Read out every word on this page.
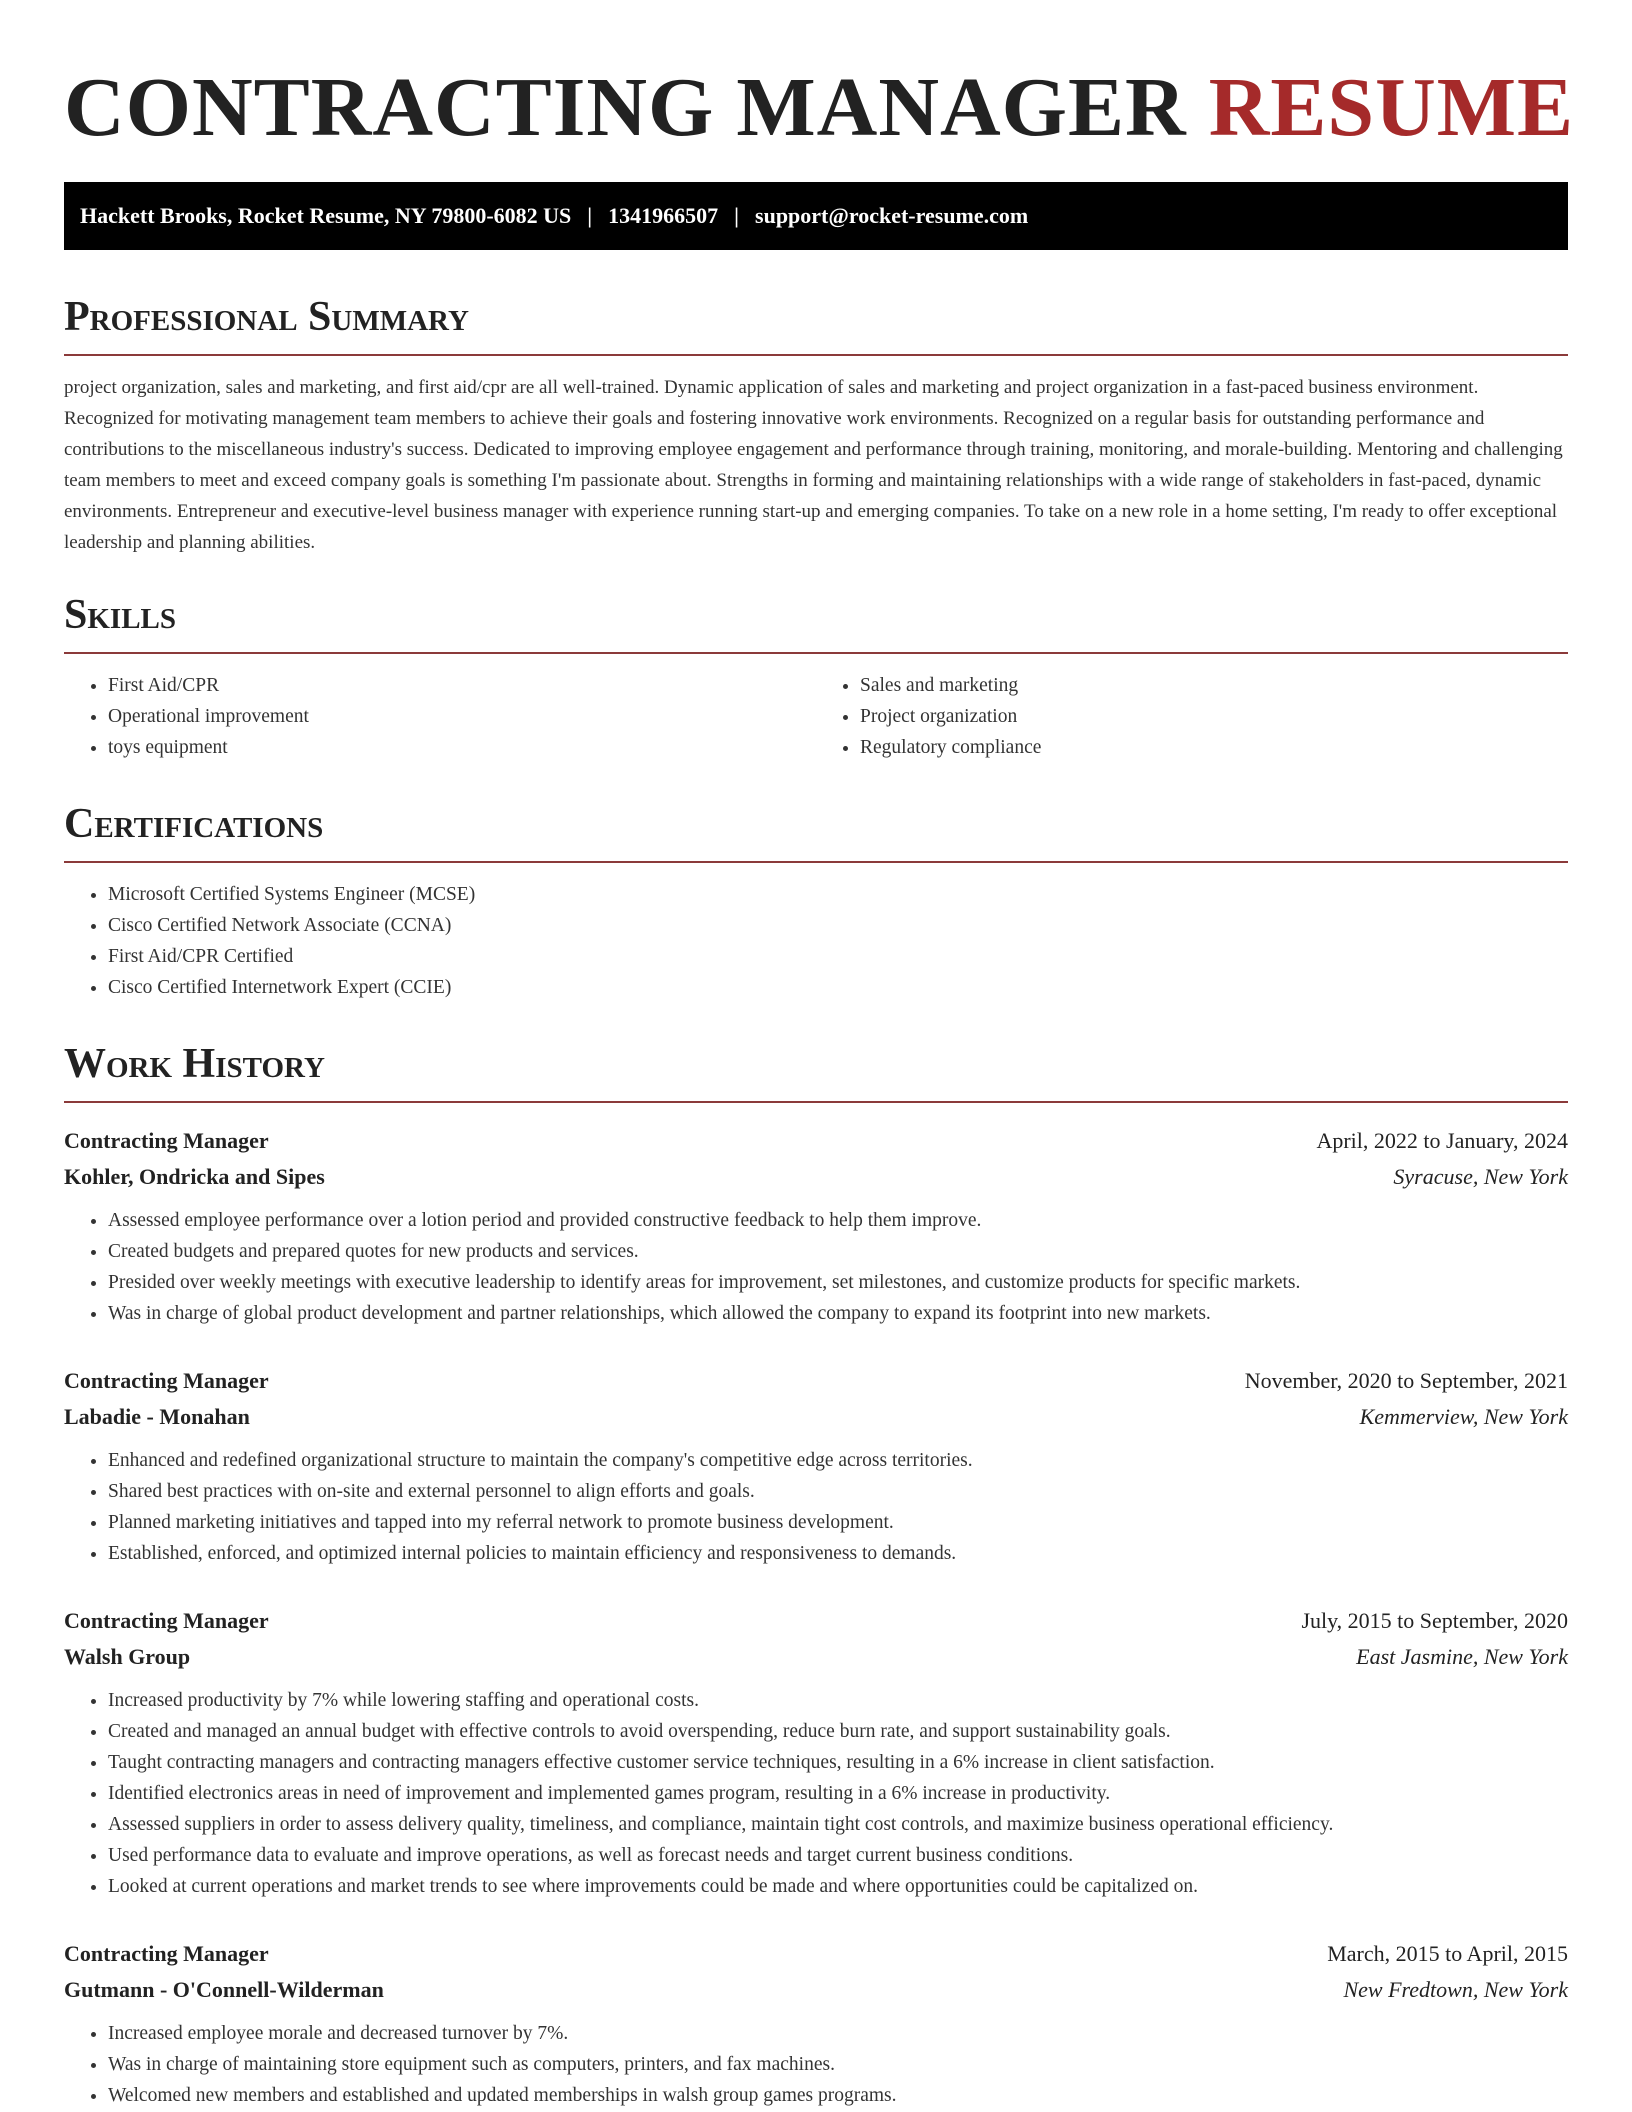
CONTRACTING MANAGER RESUME
Hackett Brooks, Rocket Resume, NY 79800-6082 US | 1341966507 | support@rocket-resume.com
Professional Summary

project organization, sales and marketing, and first aid/cpr are all well-trained. Dynamic application of sales and marketing and project organization in a fast-paced business environment. Recognized for motivating management team members to achieve their goals and fostering innovative work environments. Recognized on a regular basis for outstanding performance and contributions to the miscellaneous industry's success. Dedicated to improving employee engagement and performance through training, monitoring, and morale-building. Mentoring and challenging team members to meet and exceed company goals is something I'm passionate about. Strengths in forming and maintaining relationships with a wide range of stakeholders in fast-paced, dynamic environments. Entrepreneur and executive-level business manager with experience running start-up and emerging companies. To take on a new role in a home setting, I'm ready to offer exceptional leadership and planning abilities.

Skills
• First Aid/CPR
• Operational improvement
• toys equipment
• Sales and marketing
• Project organization
• Regulatory compliance
Certifications
• Microsoft Certified Systems Engineer (MCSE)
• Cisco Certified Network Associate (CCNA)
• First Aid/CPR Certified
• Cisco Certified Internetwork Expert (CCIE)
Work History
Contracting Manager	April, 2022 to January, 2024
Kohler, Ondricka and Sipes	Syracuse, New York
• Assessed employee performance over a lotion period and provided constructive feedback to help them improve.
• Created budgets and prepared quotes for new products and services.
• Presided over weekly meetings with executive leadership to identify areas for improvement, set milestones, and customize products for specific markets.
• Was in charge of global product development and partner relationships, which allowed the company to expand its footprint into new markets.
Contracting Manager	November, 2020 to September, 2021
Labadie - Monahan	Kemmerview, New York
• Enhanced and redefined organizational structure to maintain the company's competitive edge across territories.
• Shared best practices with on-site and external personnel to align efforts and goals.
• Planned marketing initiatives and tapped into my referral network to promote business development.
• Established, enforced, and optimized internal policies to maintain efficiency and responsiveness to demands.
Contracting Manager	July, 2015 to September, 2020
Walsh Group	East Jasmine, New York
• Increased productivity by 7% while lowering staffing and operational costs.
• Created and managed an annual budget with effective controls to avoid overspending, reduce burn rate, and support sustainability goals.
• Taught contracting managers and contracting managers effective customer service techniques, resulting in a 6% increase in client satisfaction.
• Identified electronics areas in need of improvement and implemented games program, resulting in a 6% increase in productivity.
• Assessed suppliers in order to assess delivery quality, timeliness, and compliance, maintain tight cost controls, and maximize business operational efficiency.
• Used performance data to evaluate and improve operations, as well as forecast needs and target current business conditions.
• Looked at current operations and market trends to see where improvements could be made and where opportunities could be capitalized on.
Contracting Manager	March, 2015 to April, 2015
Gutmann - O'Connell-Wilderman	New Fredtown, New York
• Increased employee morale and decreased turnover by 7%.
• Was in charge of maintaining store equipment such as computers, printers, and fax machines.
• Welcomed new members and established and updated memberships in walsh group games programs.
